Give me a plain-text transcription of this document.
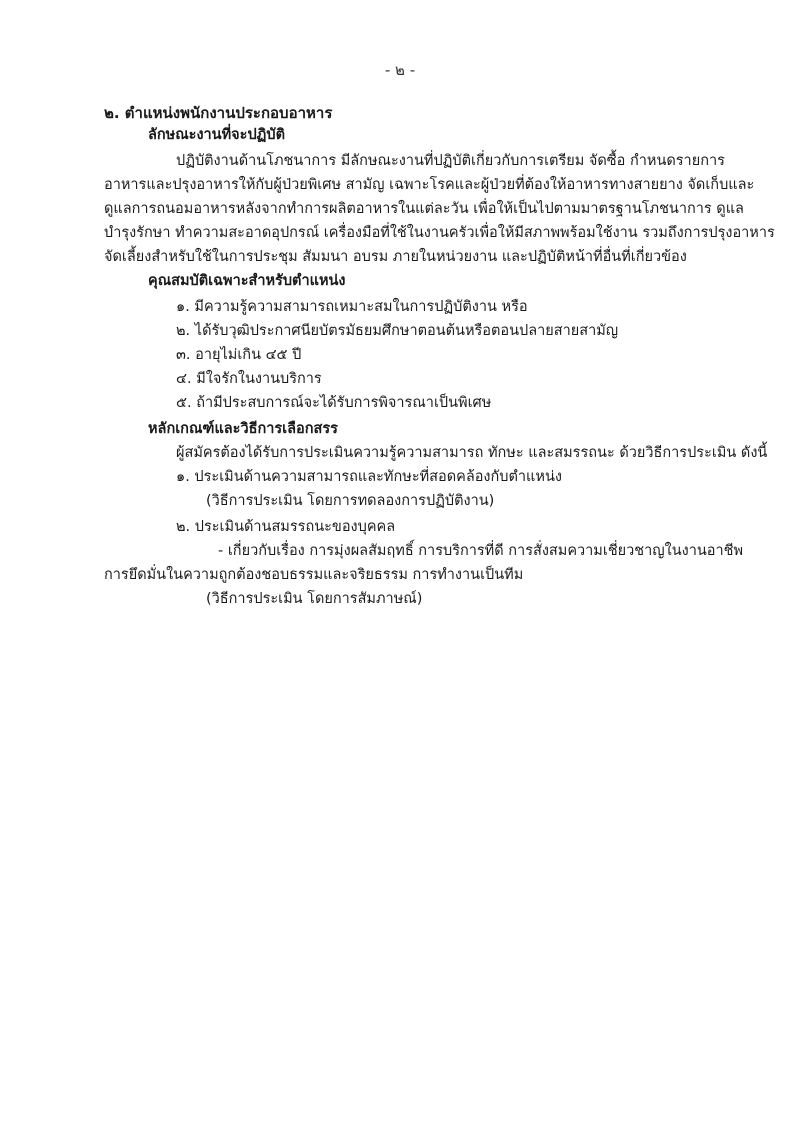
- ๒ -
๒. ตำแหน่งพนักงานประกอบอาหาร
ลักษณะงานที่จะปฏิบัติ
ปฏิบัติงานด้านโภชนาการ มีลักษณะงานที่ปฏิบัติเกี่ยวกับการเตรียม จัดซื้อ กำหนดรายการ
อาหารและปรุงอาหารให้กับผู้ป่วยพิเศษ สามัญ เฉพาะโรคและผู้ป่วยที่ต้องให้อาหารทางสายยาง จัดเก็บและ
ดูแลการถนอมอาหารหลังจากทำการผลิตอาหารในแต่ละวัน เพื่อให้เป็นไปตามมาตรฐานโภชนาการ ดูแล
บำรุงรักษา ทำความสะอาดอุปกรณ์ เครื่องมือที่ใช้ในงานครัวเพื่อให้มีสภาพพร้อมใช้งาน รวมถึงการปรุงอาหาร
จัดเลี้ยงสำหรับใช้ในการประชุม สัมมนา อบรม ภายในหน่วยงาน และปฏิบัติหน้าที่อื่นที่เกี่ยวข้อง
คุณสมบัติเฉพาะสำหรับตำแหน่ง
๑. มีความรู้ความสามารถเหมาะสมในการปฏิบัติงาน หรือ
๒. ได้รับวุฒิประกาศนียบัตรมัธยมศึกษาตอนต้นหรือตอนปลายสายสามัญ
๓. อายุไม่เกิน ๔๕ ปี
๔. มีใจรักในงานบริการ
๕. ถ้ามีประสบการณ์จะได้รับการพิจารณาเป็นพิเศษ
หลักเกณฑ์และวิธีการเลือกสรร
ผู้สมัครต้องได้รับการประเมินความรู้ความสามารถ ทักษะ และสมรรถนะ ด้วยวิธีการประเมิน ดังนี้
๑. ประเมินด้านความสามารถและทักษะที่สอดคล้องกับตำแหน่ง
(วิธีการประเมิน โดยการทดลองการปฏิบัติงาน)
๒. ประเมินด้านสมรรถนะของบุคคล
- เกี่ยวกับเรื่อง การมุ่งผลสัมฤทธิ์ การบริการที่ดี การสั่งสมความเชี่ยวชาญในงานอาชีพ
การยึดมั่นในความถูกต้องชอบธรรมและจริยธรรม การทำงานเป็นทีม
(วิธีการประเมิน โดยการสัมภาษณ์)
